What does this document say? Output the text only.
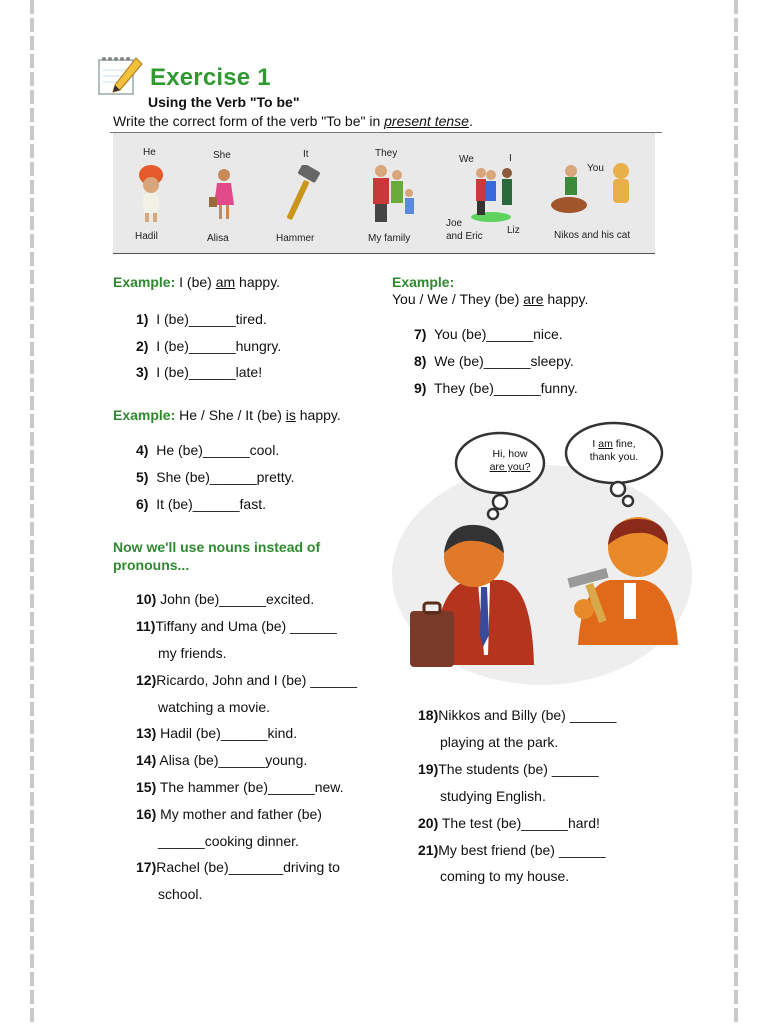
Exercise 1
Using the Verb "To be"
Write the correct form of the verb "To be" in present tense.
He	She	It	They
We	I
You
Hadil	Alisa	Hammer	My family
Joe
and Eric
Liz	Nikos and his cat
Example: I (be) am happy.
1) I (be)______tired.
2) I (be)______hungry.
3) I (be)______late!
Example: He / She / It (be) is happy.
4) He (be)______cool.
5) She (be)______pretty.
6) It (be)______fast.
Now we'll use nouns instead of pronouns...
10) John (be)______excited.
11)Tiffany and Uma (be) ______
my friends.
12)Ricardo, John and I (be) ______
watching a movie.
13) Hadil (be)______kind.
14) Alisa (be)______young.
15) The hammer (be)______new.
16) My mother and father (be)
______cooking dinner.
17)Rachel (be)_______driving to
school.
Example:
You / We / They (be) are happy.
7) You (be)______nice.
8) We (be)______sleepy.
9) They (be)______funny.
Hi, how
are you?
I am fine,
thank you.
18)Nikkos and Billy (be) ______
playing at the park.
19)The students (be) ______
studying English.
20) The test (be)______hard!
21)My best friend (be) ______
coming to my house.
